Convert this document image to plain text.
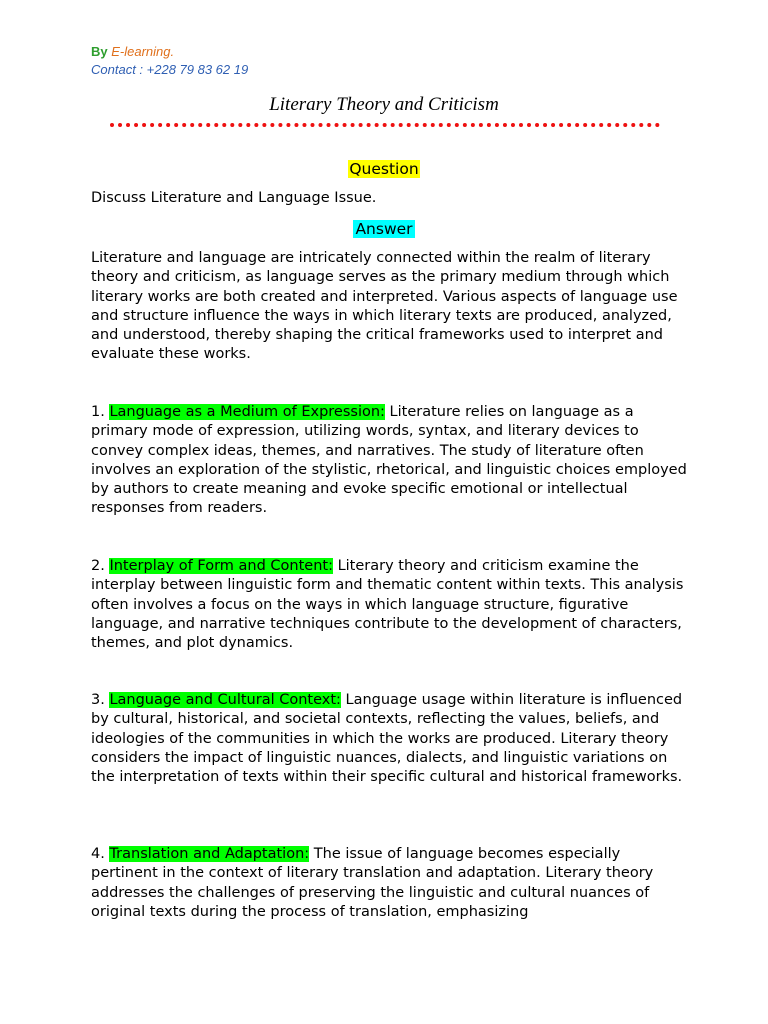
By E-learning.
Contact : +228 79 83 62 19
Literary Theory and Criticism
Question

Discuss Literature and Language Issue.

Answer

Literature and language are intricately connected within the realm of literary theory and criticism, as language serves as the primary medium through which literary works are both created and interpreted. Various aspects of language use and structure influence the ways in which literary texts are produced, analyzed, and understood, thereby shaping the critical frameworks used to interpret and evaluate these works.

1. Language as a Medium of Expression: Literature relies on language as a primary mode of expression, utilizing words, syntax, and literary devices to convey complex ideas, themes, and narratives. The study of literature often involves an exploration of the stylistic, rhetorical, and linguistic choices employed by authors to create meaning and evoke specific emotional or intellectual responses from readers.

2. Interplay of Form and Content: Literary theory and criticism examine the interplay between linguistic form and thematic content within texts. This analysis often involves a focus on the ways in which language structure, figurative language, and narrative techniques contribute to the development of characters, themes, and plot dynamics.

3. Language and Cultural Context: Language usage within literature is influenced by cultural, historical, and societal contexts, reflecting the values, beliefs, and ideologies of the communities in which the works are produced. Literary theory considers the impact of linguistic nuances, dialects, and linguistic variations on the interpretation of texts within their specific cultural and historical frameworks.

4. Translation and Adaptation: The issue of language becomes especially pertinent in the context of literary translation and adaptation. Literary theory addresses the challenges of preserving the linguistic and cultural nuances of original texts during the process of translation, emphasizing
